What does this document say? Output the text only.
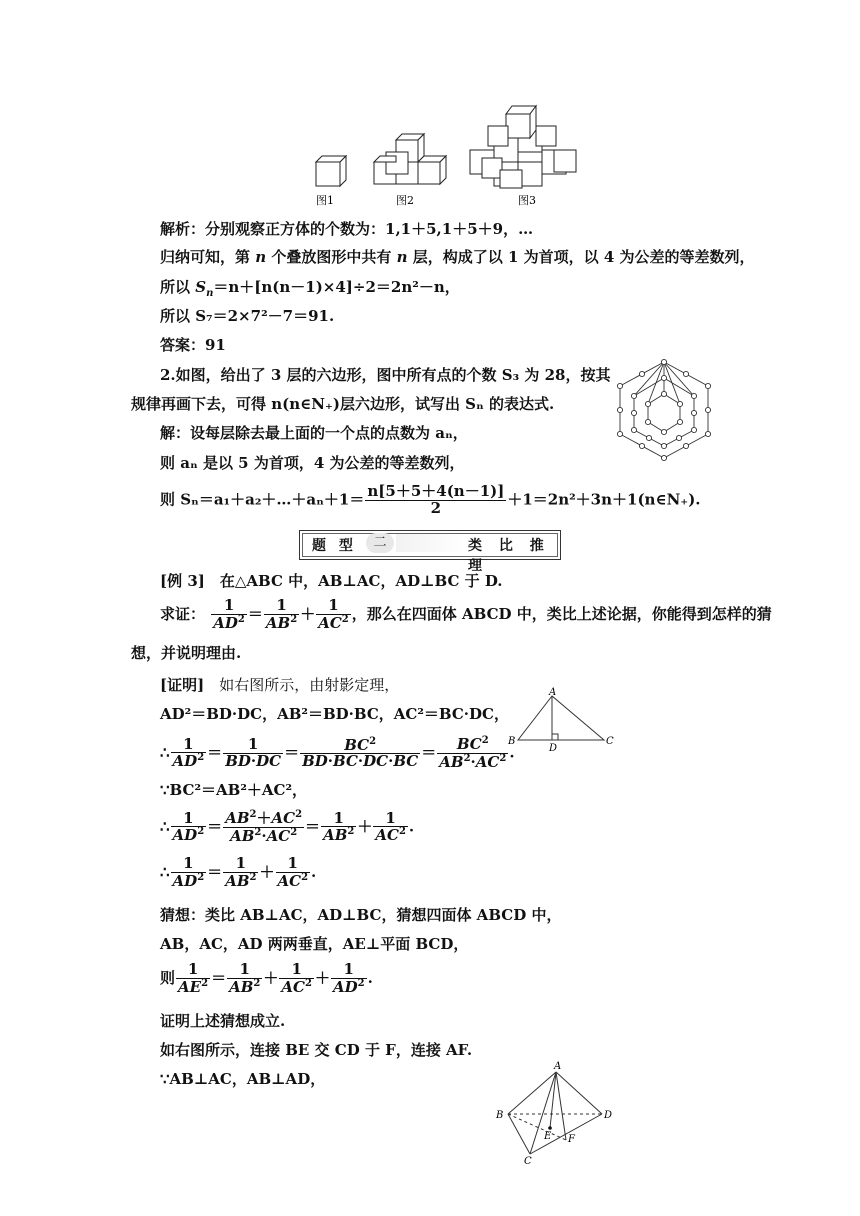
图1	图2	图3
解析：分别观察正方体的个数为：1,1＋5,1＋5＋9，…
归纳可知，第 n 个叠放图形中共有 n 层，构成了以 1 为首项，以 4 为公差的等差数列，
所以 $S_n=n+[n(n-1)\times 4]\div 2=2n^2-n$，
所以 S₇＝2×7²－7＝91.
答案：91
2.如图，给出了 3 层的六边形，图中所有点的个数 S₃ 为 28，按其
规律再画下去，可得 n(n∈N₊)层六边形，试写出 Sₙ 的表达式.
解：设每层除去最上面的一个点的点数为 aₙ，
则 aₙ 是以 5 为首项，4 为公差的等差数列，
则 Sₙ＝a₁＋a₂＋…＋aₙ＋1＝ $\frac{n[5+5+4(n-1)]}{2}$ ＋1＝2n²＋3n＋1(n∈N₊).
题 型	二	类 比 推 理
[例 3]　在△ABC 中，AB⊥AC，AD⊥BC 于 D.
求证： $\frac{1}{AD^2} = \frac{1}{AB^2} + \frac{1}{AC^2}$ ，那么在四面体 ABCD 中，类比上述论据，你能得到怎样的猜
想，并说明理由.
[证明]　如右图所示，由射影定理，
AD²＝BD·DC，AB²＝BD·BC，AC²＝BC·DC，
A
B	C
D
∴ $\frac{1}{AD^2} = \frac{1}{BD\cdot DC} = \frac{BC^2}{BD\cdot BC\cdot DC\cdot BC} = \frac{BC^2}{AB^2\cdot AC^2}$ .
∵BC²＝AB²＋AC²，
∴ $\frac{1}{AD^2} = \frac{AB^2+AC^2}{AB^2\cdot AC^2} = \frac{1}{AB^2} + \frac{1}{AC^2}$ .
∴ $\frac{1}{AD^2} = \frac{1}{AB^2} + \frac{1}{AC^2}$ .
猜想：类比 AB⊥AC，AD⊥BC，猜想四面体 ABCD 中，
AB，AC，AD 两两垂直，AE⊥平面 BCD，
则 $\frac{1}{AE^2} = \frac{1}{AB^2} + \frac{1}{AC^2} + \frac{1}{AD^2}$ .
证明上述猜想成立.
如右图所示，连接 BE 交 CD 于 F，连接 AF.
∵AB⊥AC，AB⊥AD，
A
B
C
D
E F
